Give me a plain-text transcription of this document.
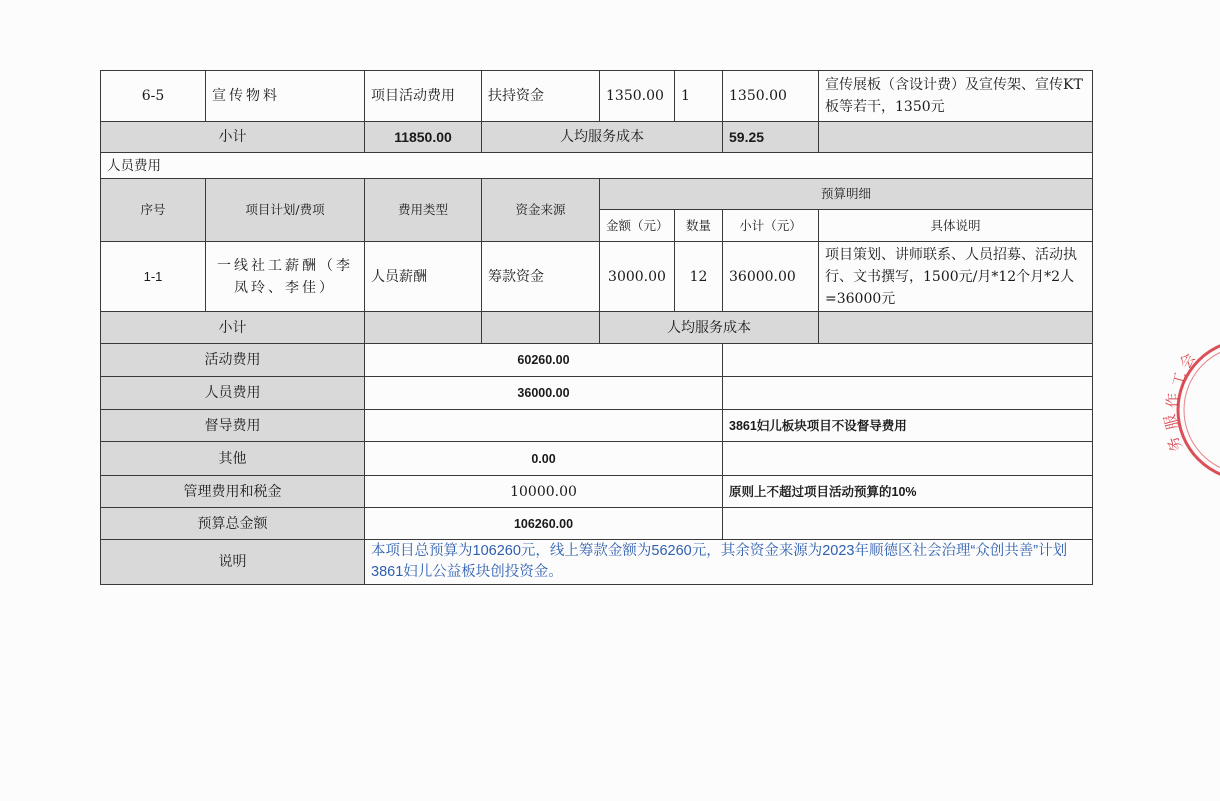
6-5	宣传物料	项目活动费用	扶持资金	1350.00	1	1350.00	宣传展板（含设计费）及宣传架、宣传KT板等若干，1350元
小计		11850.00	人均服务成本			59.25	
人员费用							
序号	项目计划/费项	费用类型	资金来源	预算明细			
				金额（元）	数量	小计（元）	具体说明
1-1	一线社工薪酬（李凤玲、李佳）	人员薪酬	筹款资金	3000.00	12	36000.00	项目策划、讲师联系、人员招募、活动执行、文书撰写，1500元/月*12个月*2人=36000元
小计				人均服务成本			
活动费用		60260.00					
人员费用		36000.00					
督导费用						3861妇儿板块项目不设督导费用	
其他		0.00					
管理费用和税金		10000.00				原则上不超过项目活动预算的10%	
预算总金额		106260.00					
说明		本项目总预算为106260元，线上筹款金额为56260元，其余资金来源为2023年顺德区社会治理“众创共善”计划3861妇儿公益板块创投资金。					
会
工
作
服
务
